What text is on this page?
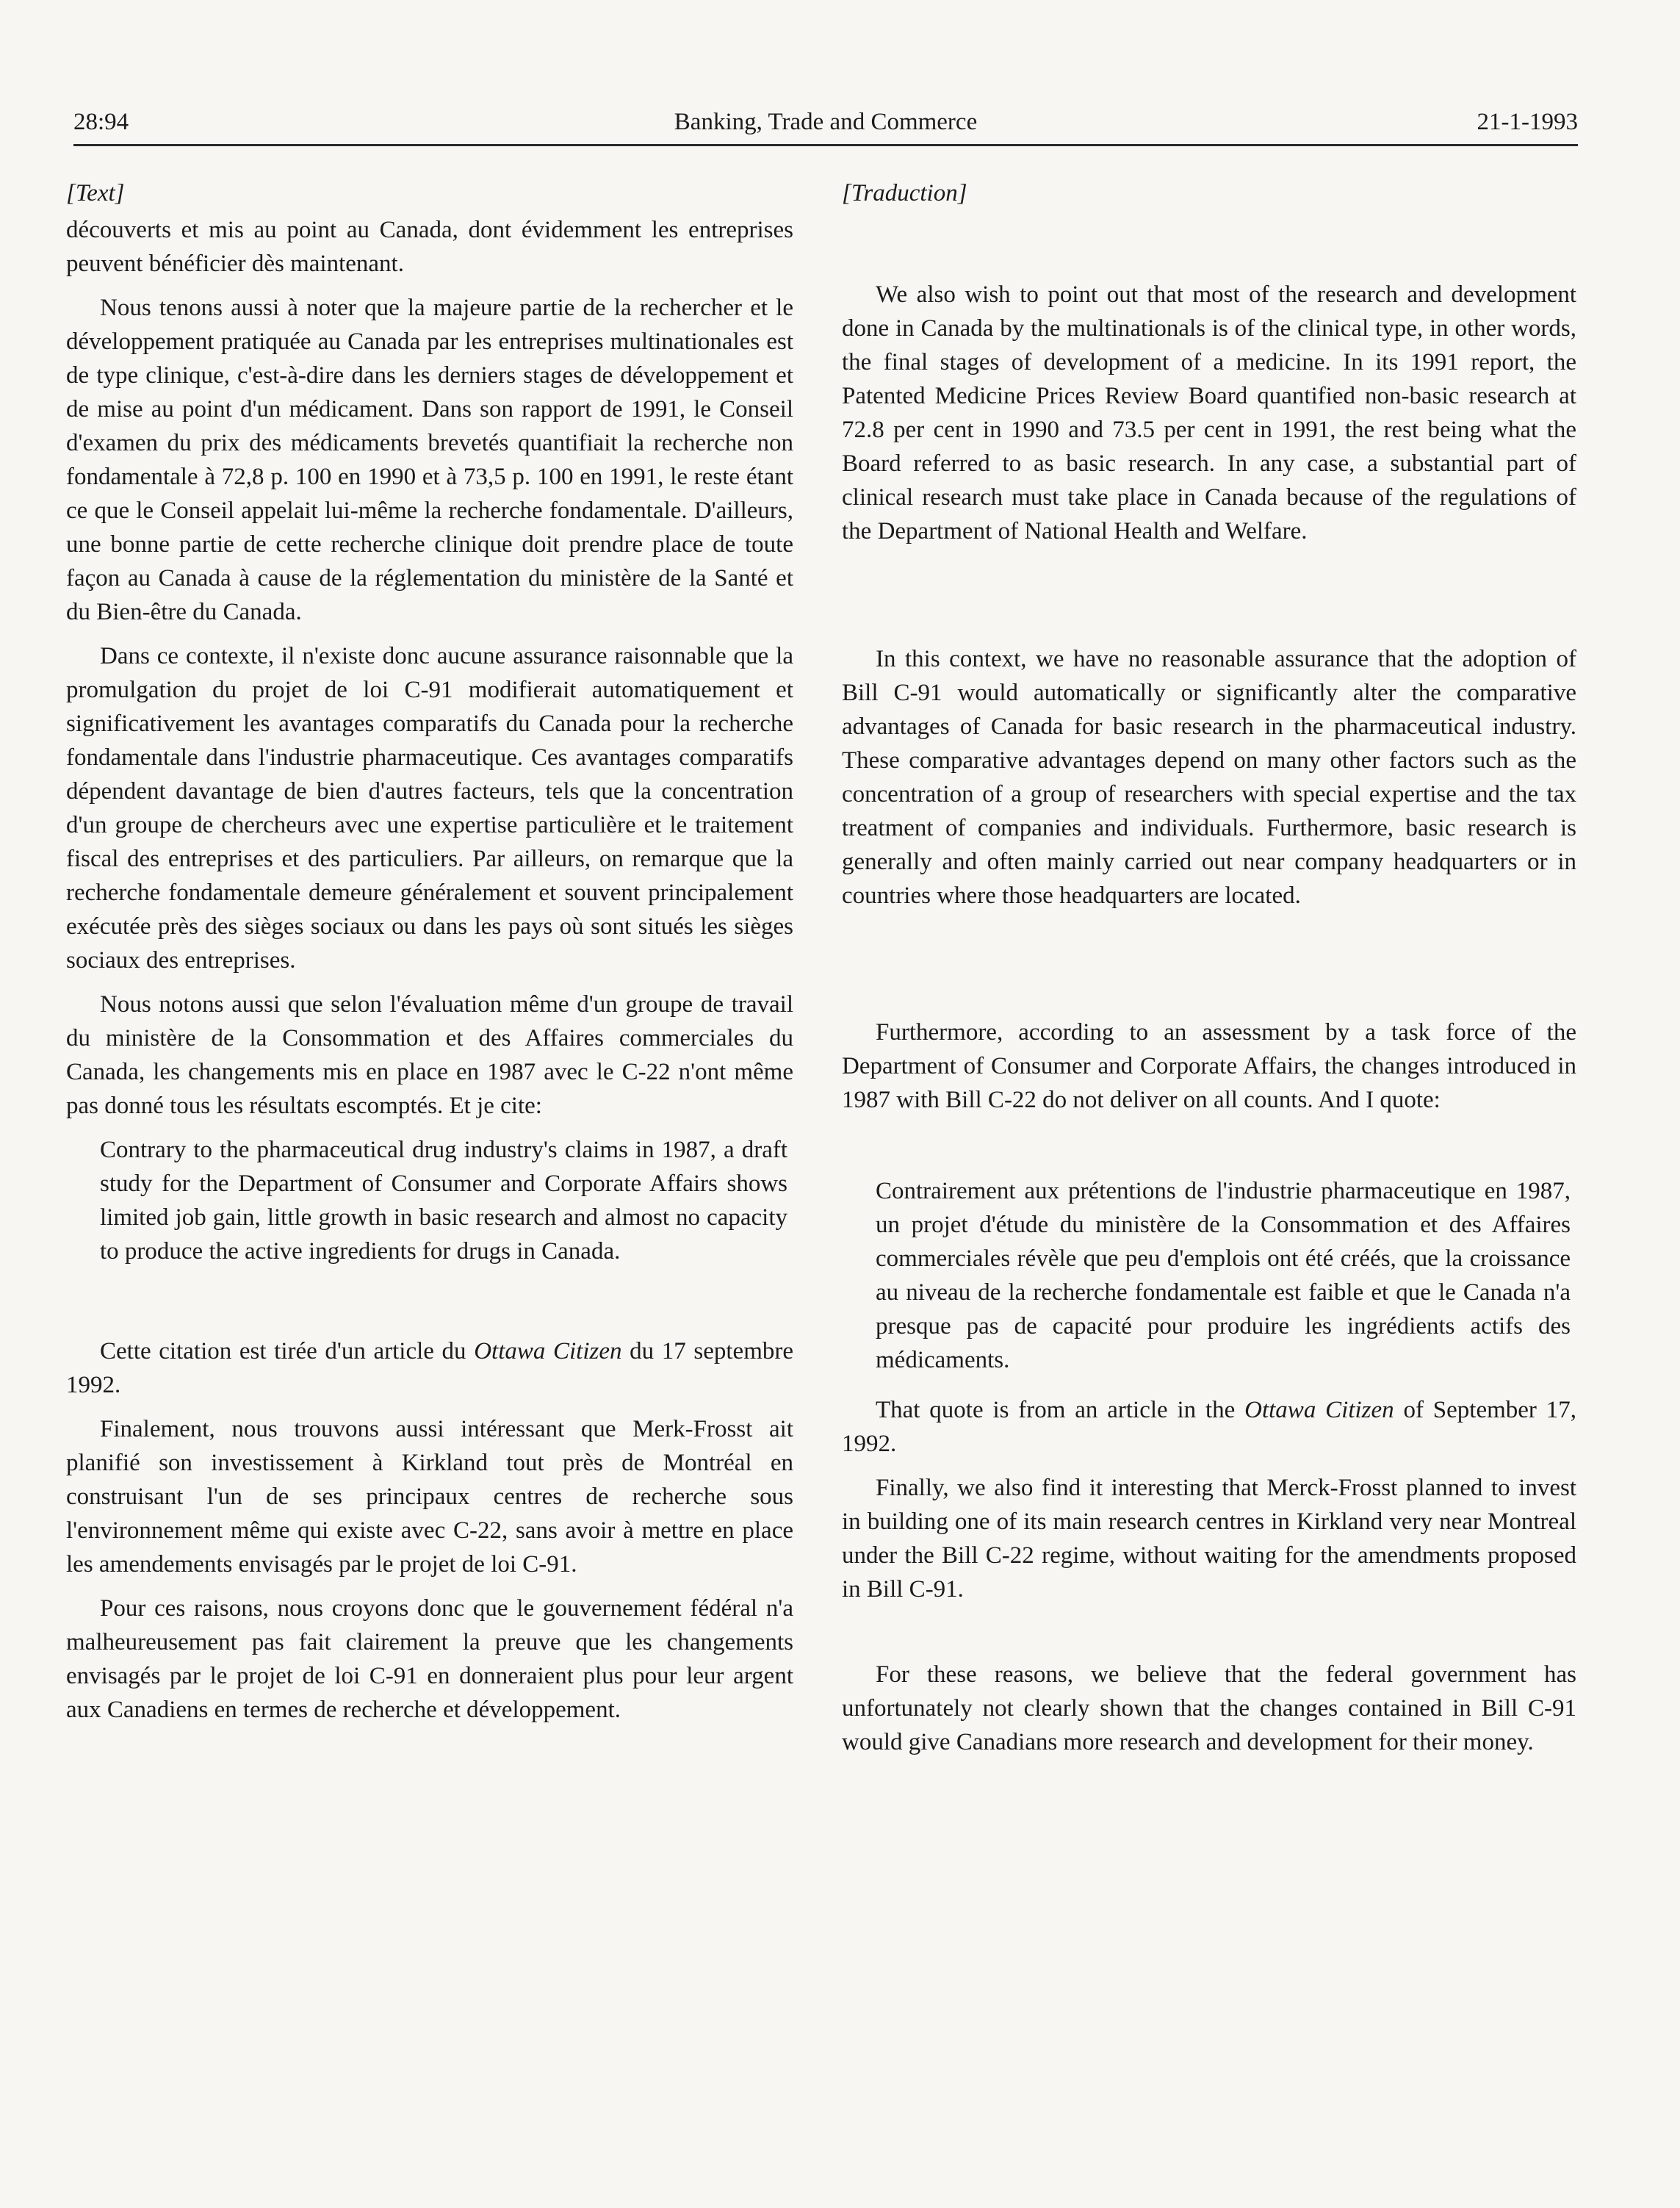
28:94	Banking, Trade and Commerce	21-1-1993

[Text]

découverts et mis au point au Canada, dont évidemment les entreprises peuvent bénéficier dès maintenant.

Nous tenons aussi à noter que la majeure partie de la rechercher et le développement pratiquée au Canada par les entreprises multinationales est de type clinique, c'est-à-dire dans les derniers stages de développement et de mise au point d'un médicament. Dans son rapport de 1991, le Conseil d'examen du prix des médicaments brevetés quantifiait la recherche non fondamentale à 72,8 p. 100 en 1990 et à 73,5 p. 100 en 1991, le reste étant ce que le Conseil appelait lui-même la recherche fondamentale. D'ailleurs, une bonne partie de cette recherche clinique doit prendre place de toute façon au Canada à cause de la réglementation du ministère de la Santé et du Bien-être du Canada.

Dans ce contexte, il n'existe donc aucune assurance raisonnable que la promulgation du projet de loi C-91 modifierait automatiquement et significativement les avantages comparatifs du Canada pour la recherche fondamentale dans l'industrie pharmaceutique. Ces avantages comparatifs dépendent davantage de bien d'autres facteurs, tels que la concentration d'un groupe de chercheurs avec une expertise particulière et le traitement fiscal des entreprises et des particuliers. Par ailleurs, on remarque que la recherche fondamentale demeure généralement et souvent principalement exécutée près des sièges sociaux ou dans les pays où sont situés les sièges sociaux des entreprises.

Nous notons aussi que selon l'évaluation même d'un groupe de travail du ministère de la Consommation et des Affaires commerciales du Canada, les changements mis en place en 1987 avec le C-22 n'ont même pas donné tous les résultats escomptés. Et je cite:

Contrary to the pharmaceutical drug industry's claims in 1987, a draft study for the Department of Consumer and Corporate Affairs shows limited job gain, little growth in basic research and almost no capacity to produce the active ingredients for drugs in Canada.

Cette citation est tirée d'un article du Ottawa Citizen du 17 septembre 1992.

Finalement, nous trouvons aussi intéressant que Merk-Frosst ait planifié son investissement à Kirkland tout près de Montréal en construisant l'un de ses principaux centres de recherche sous l'environnement même qui existe avec C-22, sans avoir à mettre en place les amendements envisagés par le projet de loi C-91.

Pour ces raisons, nous croyons donc que le gouvernement fédéral n'a malheureusement pas fait clairement la preuve que les changements envisagés par le projet de loi C-91 en donneraient plus pour leur argent aux Canadiens en termes de recherche et développement.

[Traduction]

We also wish to point out that most of the research and development done in Canada by the multinationals is of the clinical type, in other words, the final stages of development of a medicine. In its 1991 report, the Patented Medicine Prices Review Board quantified non-basic research at 72.8 per cent in 1990 and 73.5 per cent in 1991, the rest being what the Board referred to as basic research. In any case, a substantial part of clinical research must take place in Canada because of the regulations of the Department of National Health and Welfare.

In this context, we have no reasonable assurance that the adoption of Bill C-91 would automatically or significantly alter the comparative advantages of Canada for basic research in the pharmaceutical industry. These comparative advantages depend on many other factors such as the concentration of a group of researchers with special expertise and the tax treatment of companies and individuals. Furthermore, basic research is generally and often mainly carried out near company headquarters or in countries where those headquarters are located.

Furthermore, according to an assessment by a task force of the Department of Consumer and Corporate Affairs, the changes introduced in 1987 with Bill C-22 do not deliver on all counts. And I quote:

Contrairement aux prétentions de l'industrie pharmaceutique en 1987, un projet d'étude du ministère de la Consommation et des Affaires commerciales révèle que peu d'emplois ont été créés, que la croissance au niveau de la recherche fondamentale est faible et que le Canada n'a presque pas de capacité pour produire les ingrédients actifs des médicaments.

That quote is from an article in the Ottawa Citizen of September 17, 1992.

Finally, we also find it interesting that Merck-Frosst planned to invest in building one of its main research centres in Kirkland very near Montreal under the Bill C-22 regime, without waiting for the amendments proposed in Bill C-91.

For these reasons, we believe that the federal government has unfortunately not clearly shown that the changes contained in Bill C-91 would give Canadians more research and development for their money.
